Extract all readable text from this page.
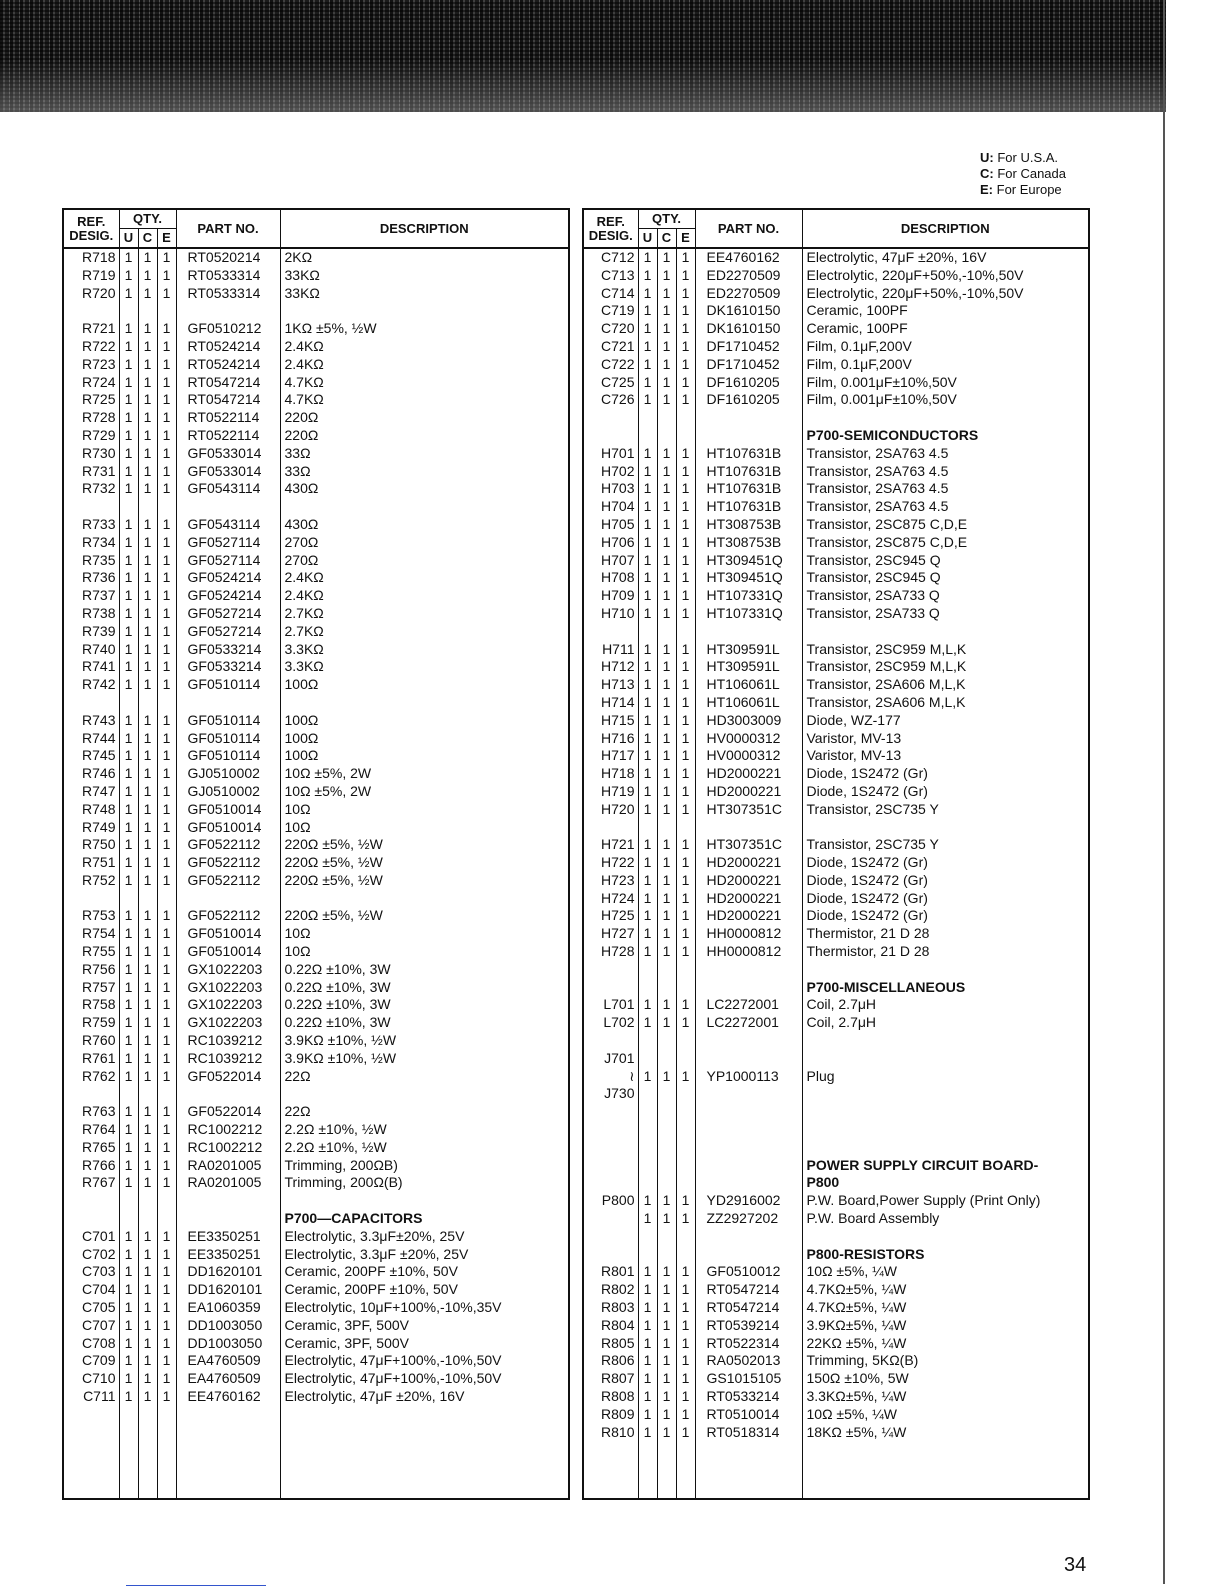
U: For U.S.A.
C: For Canada
E: For Europe
REF.
DESIG.	QTY.			PART NO.	DESCRIPTION
	U	C	E		
R718	1	1	1	RT0520214	2KΩ
R719	1	1	1	RT0533314	33KΩ
R720	1	1	1	RT0533314	33KΩ

R721	1	1	1	GF0510212	1KΩ ±5%, ½W
R722	1	1	1	RT0524214	2.4KΩ
R723	1	1	1	RT0524214	2.4KΩ
R724	1	1	1	RT0547214	4.7KΩ
R725	1	1	1	RT0547214	4.7KΩ
R728	1	1	1	RT0522114	220Ω
R729	1	1	1	RT0522114	220Ω
R730	1	1	1	GF0533014	33Ω
R731	1	1	1	GF0533014	33Ω
R732	1	1	1	GF0543114	430Ω

R733	1	1	1	GF0543114	430Ω
R734	1	1	1	GF0527114	270Ω
R735	1	1	1	GF0527114	270Ω
R736	1	1	1	GF0524214	2.4KΩ
R737	1	1	1	GF0524214	2.4KΩ
R738	1	1	1	GF0527214	2.7KΩ
R739	1	1	1	GF0527214	2.7KΩ
R740	1	1	1	GF0533214	3.3KΩ
R741	1	1	1	GF0533214	3.3KΩ
R742	1	1	1	GF0510114	100Ω

R743	1	1	1	GF0510114	100Ω
R744	1	1	1	GF0510114	100Ω
R745	1	1	1	GF0510114	100Ω
R746	1	1	1	GJ0510002	10Ω ±5%, 2W
R747	1	1	1	GJ0510002	10Ω ±5%, 2W
R748	1	1	1	GF0510014	10Ω
R749	1	1	1	GF0510014	10Ω
R750	1	1	1	GF0522112	220Ω ±5%, ½W
R751	1	1	1	GF0522112	220Ω ±5%, ½W
R752	1	1	1	GF0522112	220Ω ±5%, ½W

R753	1	1	1	GF0522112	220Ω ±5%, ½W
R754	1	1	1	GF0510014	10Ω
R755	1	1	1	GF0510014	10Ω
R756	1	1	1	GX1022203	0.22Ω ±10%, 3W
R757	1	1	1	GX1022203	0.22Ω ±10%, 3W
R758	1	1	1	GX1022203	0.22Ω ±10%, 3W
R759	1	1	1	GX1022203	0.22Ω ±10%, 3W
R760	1	1	1	RC1039212	3.9KΩ ±10%, ½W
R761	1	1	1	RC1039212	3.9KΩ ±10%, ½W
R762	1	1	1	GF0522014	22Ω

R763	1	1	1	GF0522014	22Ω
R764	1	1	1	RC1002212	2.2Ω ±10%, ½W
R765	1	1	1	RC1002212	2.2Ω ±10%, ½W
R766	1	1	1	RA0201005	Trimming, 200ΩB)
R767	1	1	1	RA0201005	Trimming, 200Ω(B)

					P700—CAPACITORS
C701	1	1	1	EE3350251	Electrolytic, 3.3μF±20%, 25V
C702	1	1	1	EE3350251	Electrolytic, 3.3μF ±20%, 25V
C703	1	1	1	DD1620101	Ceramic, 200PF ±10%, 50V
C704	1	1	1	DD1620101	Ceramic, 200PF ±10%, 50V
C705	1	1	1	EA1060359	Electrolytic, 10μF+100%,-10%,35V
C707	1	1	1	DD1003050	Ceramic, 3PF, 500V
C708	1	1	1	DD1003050	Ceramic, 3PF, 500V
C709	1	1	1	EA4760509	Electrolytic, 47μF+100%,-10%,50V
C710	1	1	1	EA4760509	Electrolytic, 47μF+100%,-10%,50V
C711	1	1	1	EE4760162	Electrolytic, 47μF ±20%, 16V

REF.
DESIG.	QTY.			PART NO.	DESCRIPTION
	U	C	E		
C712	1	1	1	EE4760162	Electrolytic, 47μF ±20%, 16V
C713	1	1	1	ED2270509	Electrolytic, 220μF+50%,-10%,50V
C714	1	1	1	ED2270509	Electrolytic, 220μF+50%,-10%,50V
C719	1	1	1	DK1610150	Ceramic, 100PF
C720	1	1	1	DK1610150	Ceramic, 100PF
C721	1	1	1	DF1710452	Film, 0.1μF,200V
C722	1	1	1	DF1710452	Film, 0.1μF,200V
C725	1	1	1	DF1610205	Film, 0.001μF±10%,50V
C726	1	1	1	DF1610205	Film, 0.001μF±10%,50V

					P700-SEMICONDUCTORS
H701	1	1	1	HT107631B	Transistor, 2SA763 4.5
H702	1	1	1	HT107631B	Transistor, 2SA763 4.5
H703	1	1	1	HT107631B	Transistor, 2SA763 4.5
H704	1	1	1	HT107631B	Transistor, 2SA763 4.5
H705	1	1	1	HT308753B	Transistor, 2SC875 C,D,E
H706	1	1	1	HT308753B	Transistor, 2SC875 C,D,E
H707	1	1	1	HT309451Q	Transistor, 2SC945 Q
H708	1	1	1	HT309451Q	Transistor, 2SC945 Q
H709	1	1	1	HT107331Q	Transistor, 2SA733 Q
H710	1	1	1	HT107331Q	Transistor, 2SA733 Q

H711	1	1	1	HT309591L	Transistor, 2SC959 M,L,K
H712	1	1	1	HT309591L	Transistor, 2SC959 M,L,K
H713	1	1	1	HT106061L	Transistor, 2SA606 M,L,K
H714	1	1	1	HT106061L	Transistor, 2SA606 M,L,K
H715	1	1	1	HD3003009	Diode, WZ-177
H716	1	1	1	HV0000312	Varistor, MV-13
H717	1	1	1	HV0000312	Varistor, MV-13
H718	1	1	1	HD2000221	Diode, 1S2472 (Gr)
H719	1	1	1	HD2000221	Diode, 1S2472 (Gr)
H720	1	1	1	HT307351C	Transistor, 2SC735 Y

H721	1	1	1	HT307351C	Transistor, 2SC735 Y
H722	1	1	1	HD2000221	Diode, 1S2472 (Gr)
H723	1	1	1	HD2000221	Diode, 1S2472 (Gr)
H724	1	1	1	HD2000221	Diode, 1S2472 (Gr)
H725	1	1	1	HD2000221	Diode, 1S2472 (Gr)
H727	1	1	1	HH0000812	Thermistor, 21 D 28
H728	1	1	1	HH0000812	Thermistor, 21 D 28

					P700-MISCELLANEOUS
L701	1	1	1	LC2272001	Coil, 2.7μH
L702	1	1	1	LC2272001	Coil, 2.7μH

J701					
≀	1	1	1	YP1000113	Plug
J730					

					POWER SUPPLY CIRCUIT BOARD-
					P800
P800	1	1	1	YD2916002	P.W. Board,Power Supply (Print Only)
	1	1	1	ZZ2927202	P.W. Board Assembly

					P800-RESISTORS
R801	1	1	1	GF0510012	10Ω ±5%, ¼W
R802	1	1	1	RT0547214	4.7KΩ±5%, ¼W
R803	1	1	1	RT0547214	4.7KΩ±5%, ¼W
R804	1	1	1	RT0539214	3.9KΩ±5%, ¼W
R805	1	1	1	RT0522314	22KΩ ±5%, ¼W
R806	1	1	1	RA0502013	Trimming, 5KΩ(B)
R807	1	1	1	GS1015105	150Ω ±10%, 5W
R808	1	1	1	RT0533214	3.3KΩ±5%, ¼W
R809	1	1	1	RT0510014	10Ω ±5%, ¼W
R810	1	1	1	RT0518314	18KΩ ±5%, ¼W

34
